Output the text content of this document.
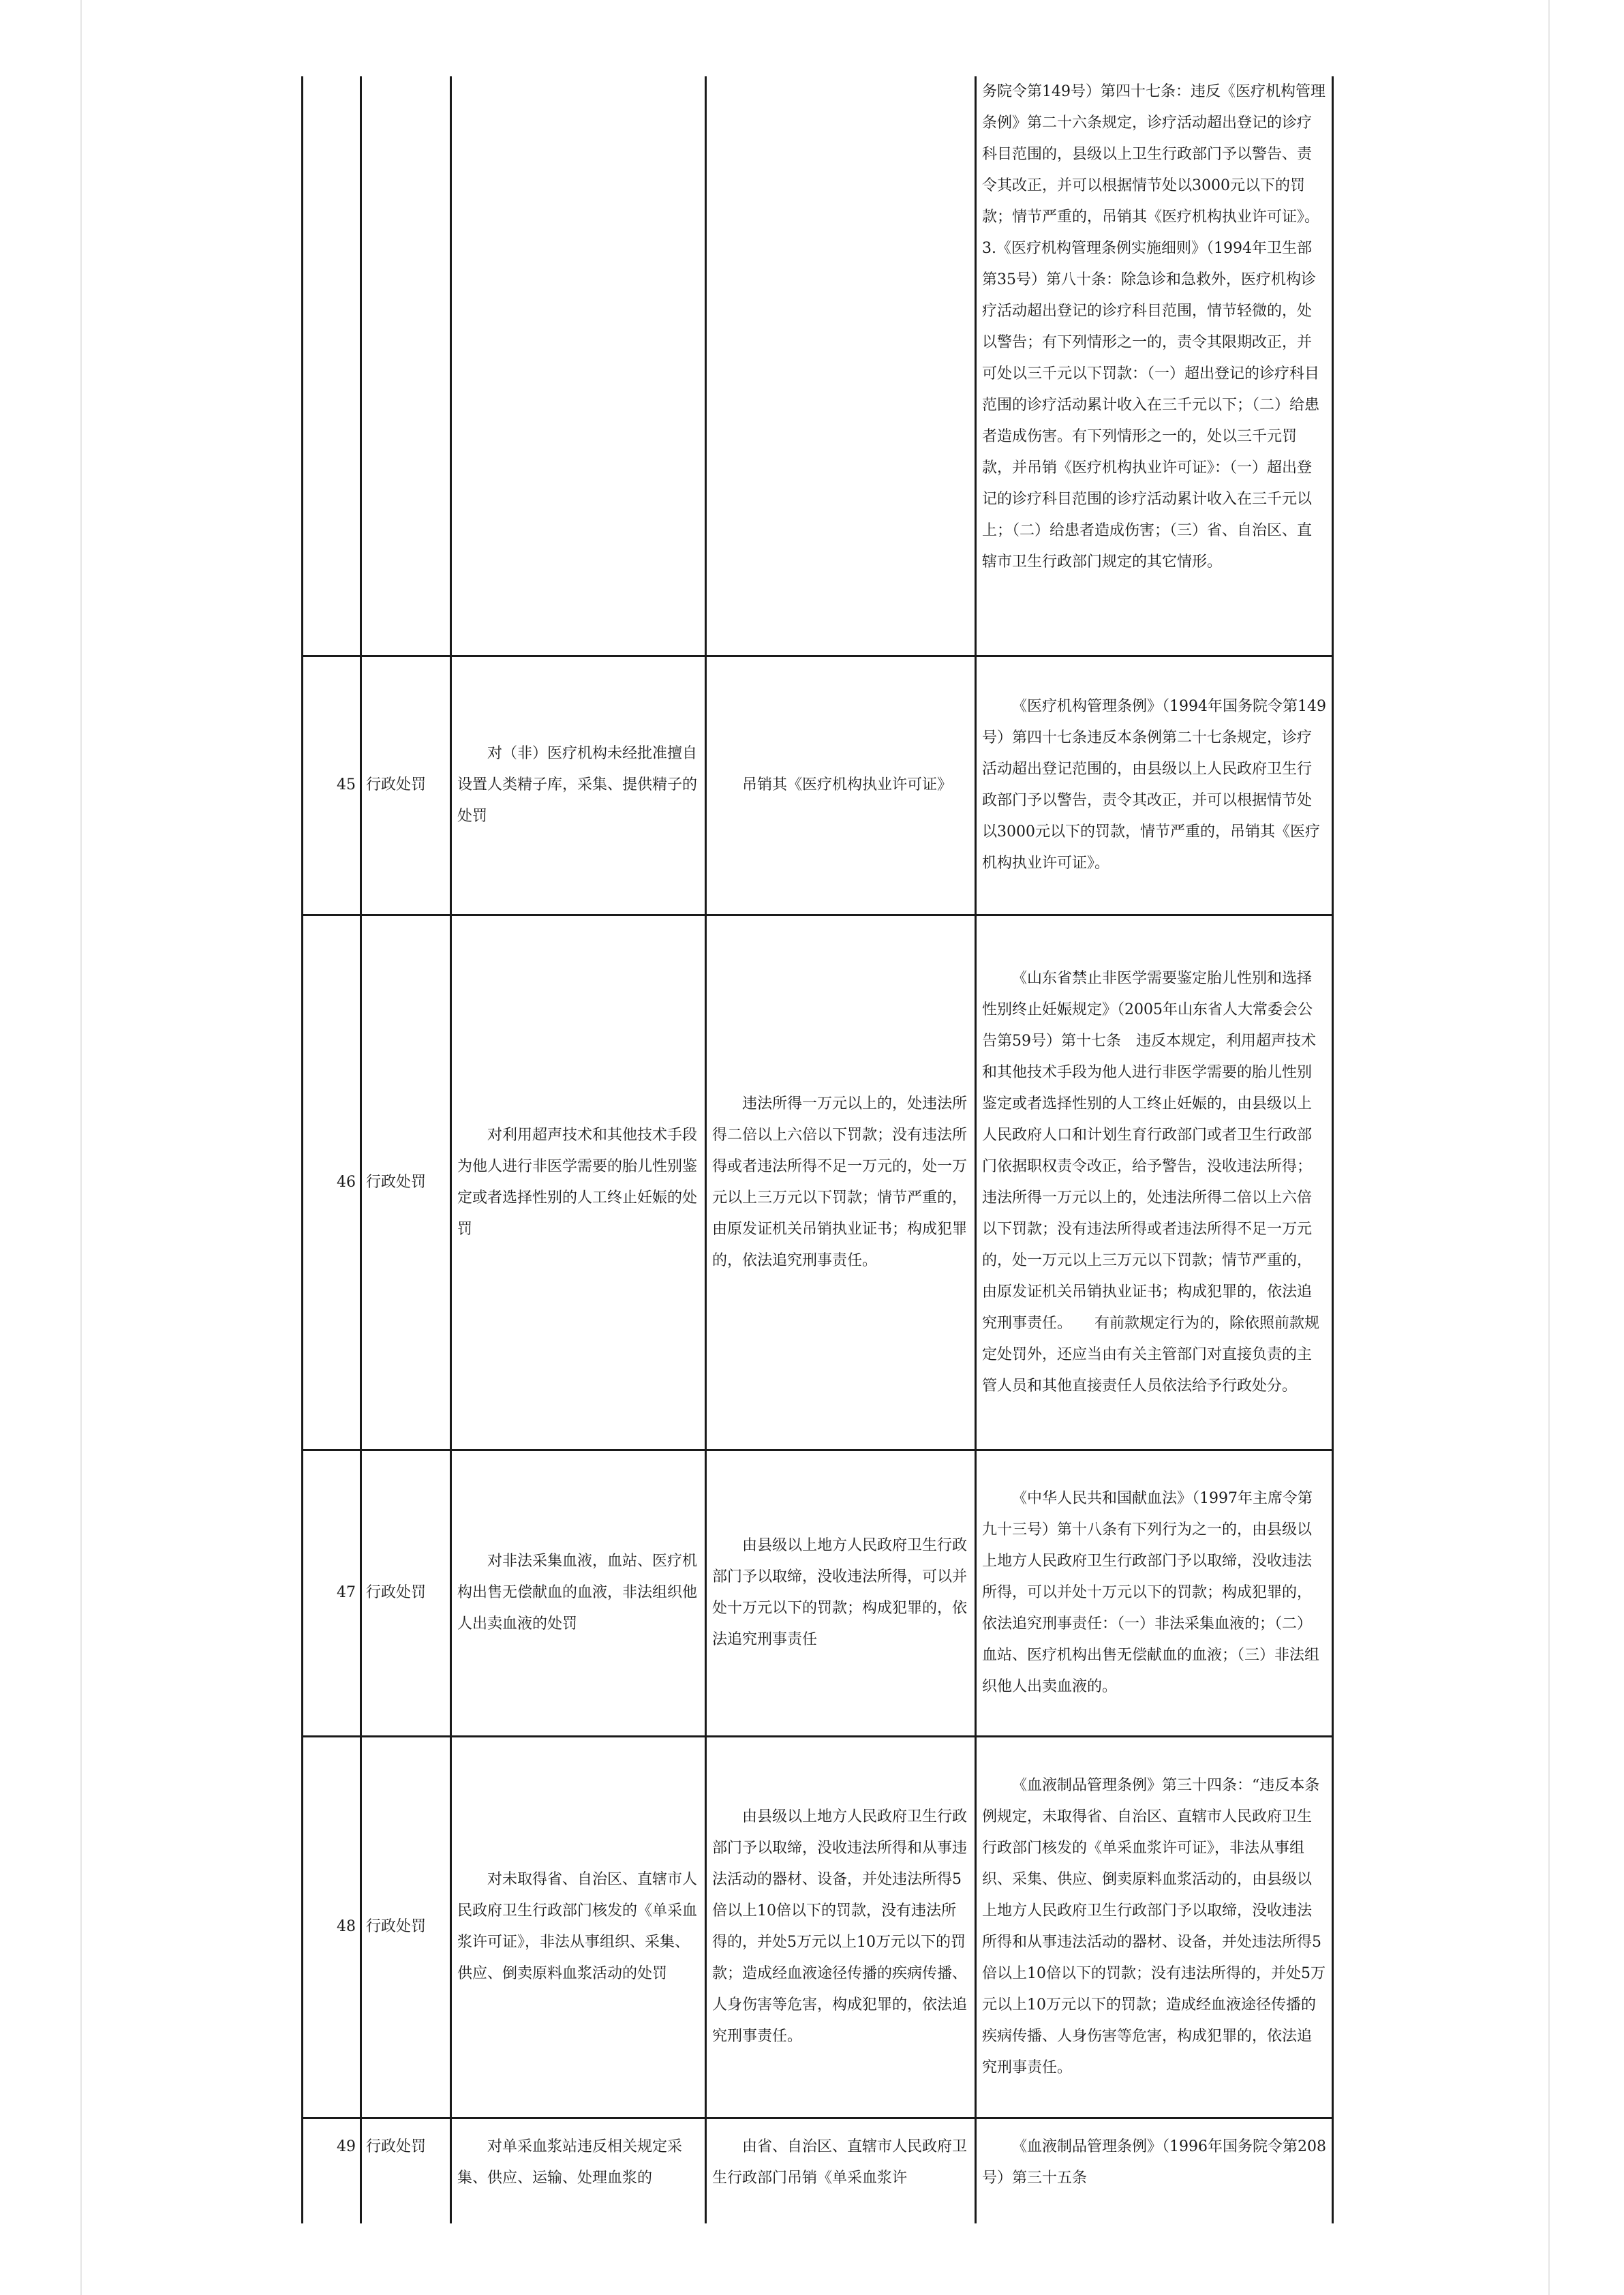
				务院令第149号）第四十七条：违反《医疗机构管理条例》第二十六条规定，诊疗活动超出登记的诊疗科目范围的，县级以上卫生行政部门予以警告、责令其改正，并可以根据情节处以3000元以下的罚款；情节严重的，吊销其《医疗机构执业许可证》。3.《医疗机构管理条例实施细则》（1994年卫生部第35号）第八十条：除急诊和急救外，医疗机构诊疗活动超出登记的诊疗科目范围，情节轻微的，处以警告；有下列情形之一的，责令其限期改正，并可处以三千元以下罚款：（一）超出登记的诊疗科目范围的诊疗活动累计收入在三千元以下；（二）给患者造成伤害。有下列情形之一的，处以三千元罚款，并吊销《医疗机构执业许可证》：（一）超出登记的诊疗科目范围的诊疗活动累计收入在三千元以上；（二）给患者造成伤害；（三）省、自治区、直辖市卫生行政部门规定的其它情形。
45	行政处罚	对（非）医疗机构未经批准擅自设置人类精子库，采集、提供精子的处罚	吊销其《医疗机构执业许可证》	《医疗机构管理条例》（1994年国务院令第149号）第四十七条违反本条例第二十七条规定，诊疗活动超出登记范围的，由县级以上人民政府卫生行政部门予以警告，责令其改正，并可以根据情节处以3000元以下的罚款，情节严重的，吊销其《医疗机构执业许可证》。

46	行政处罚	对利用超声技术和其他技术手段为他人进行非医学需要的胎儿性别鉴定或者选择性别的人工终止妊娠的处罚	违法所得一万元以上的，处违法所得二倍以上六倍以下罚款；没有违法所得或者违法所得不足一万元的，处一万元以上三万元以下罚款；情节严重的，由原发证机关吊销执业证书；构成犯罪的，依法追究刑事责任。	《山东省禁止非医学需要鉴定胎儿性别和选择性别终止妊娠规定》（2005年山东省人大常委会公告第59号）第十七条　违反本规定，利用超声技术和其他技术手段为他人进行非医学需要的胎儿性别鉴定或者选择性别的人工终止妊娠的，由县级以上人民政府人口和计划生育行政部门或者卫生行政部门依据职权责令改正，给予警告，没收违法所得；违法所得一万元以上的，处违法所得二倍以上六倍以下罚款；没有违法所得或者违法所得不足一万元的，处一万元以上三万元以下罚款；情节严重的，由原发证机关吊销执业证书；构成犯罪的，依法追究刑事责任。　　有前款规定行为的，除依照前款规定处罚外，还应当由有关主管部门对直接负责的主管人员和其他直接责任人员依法给予行政处分。

47	行政处罚	对非法采集血液，血站、医疗机构出售无偿献血的血液，非法组织他人出卖血液的处罚	由县级以上地方人民政府卫生行政部门予以取缔，没收违法所得，可以并处十万元以下的罚款；构成犯罪的，依法追究刑事责任	《中华人民共和国献血法》（1997年主席令第九十三号）第十八条有下列行为之一的，由县级以上地方人民政府卫生行政部门予以取缔，没收违法所得，可以并处十万元以下的罚款；构成犯罪的，依法追究刑事责任：（一）非法采集血液的；（二）血站、医疗机构出售无偿献血的血液；（三）非法组织他人出卖血液的。

48	行政处罚	对未取得省、自治区、直辖市人民政府卫生行政部门核发的《单采血浆许可证》，非法从事组织、采集、供应、倒卖原料血浆活动的处罚	由县级以上地方人民政府卫生行政部门予以取缔，没收违法所得和从事违法活动的器材、设备，并处违法所得5倍以上10倍以下的罚款，没有违法所得的，并处5万元以上10万元以下的罚款；造成经血液途径传播的疾病传播、人身伤害等危害，构成犯罪的，依法追究刑事责任。	《血液制品管理条例》第三十四条：“违反本条例规定，未取得省、自治区、直辖市人民政府卫生行政部门核发的《单采血浆许可证》，非法从事组织、采集、供应、倒卖原料血浆活动的，由县级以上地方人民政府卫生行政部门予以取缔，没收违法所得和从事违法活动的器材、设备，并处违法所得5倍以上10倍以下的罚款；没有违法所得的，并处5万元以上10万元以下的罚款；造成经血液途径传播的疾病传播、人身伤害等危害，构成犯罪的，依法追究刑事责任。

49	行政处罚	对单采血浆站违反相关规定采集、供应、运输、处理血浆的	由省、自治区、直辖市人民政府卫生行政部门吊销《单采血浆许	《血液制品管理条例》（1996年国务院令第208号）第三十五条
